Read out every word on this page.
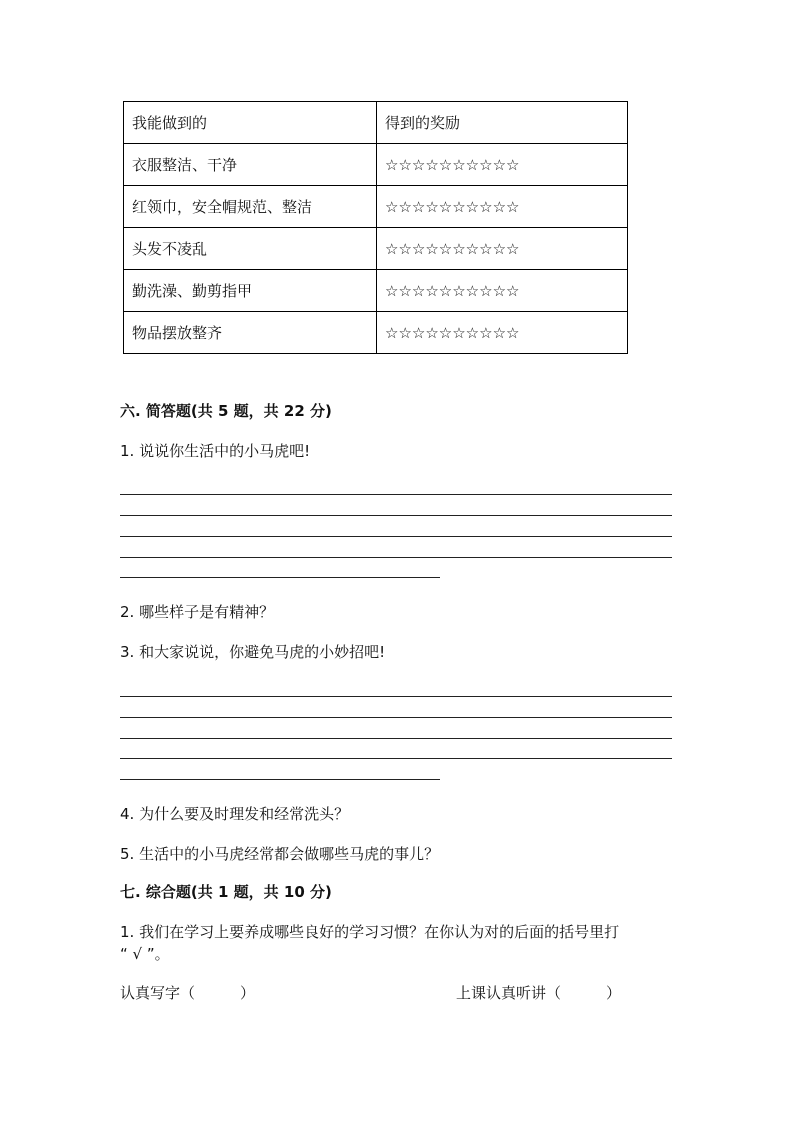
我能做到的	得到的奖励
衣服整洁、干净	☆☆☆☆☆☆☆☆☆☆
红领巾，安全帽规范、整洁	☆☆☆☆☆☆☆☆☆☆
头发不凌乱	☆☆☆☆☆☆☆☆☆☆
勤洗澡、勤剪指甲	☆☆☆☆☆☆☆☆☆☆
物品摆放整齐	☆☆☆☆☆☆☆☆☆☆
六. 简答题(共 5 题，共 22 分)
1. 说说你生活中的小马虎吧!
2. 哪些样子是有精神？
3. 和大家说说，你避免马虎的小妙招吧!
4. 为什么要及时理发和经常洗头？
5. 生活中的小马虎经常都会做哪些马虎的事儿？
七. 综合题(共 1 题，共 10 分)
1. 我们在学习上要养成哪些良好的学习习惯？在你认为对的后面的括号里打
“ √ ”。
认真写字（　　　）	上课认真听讲（　　　）
